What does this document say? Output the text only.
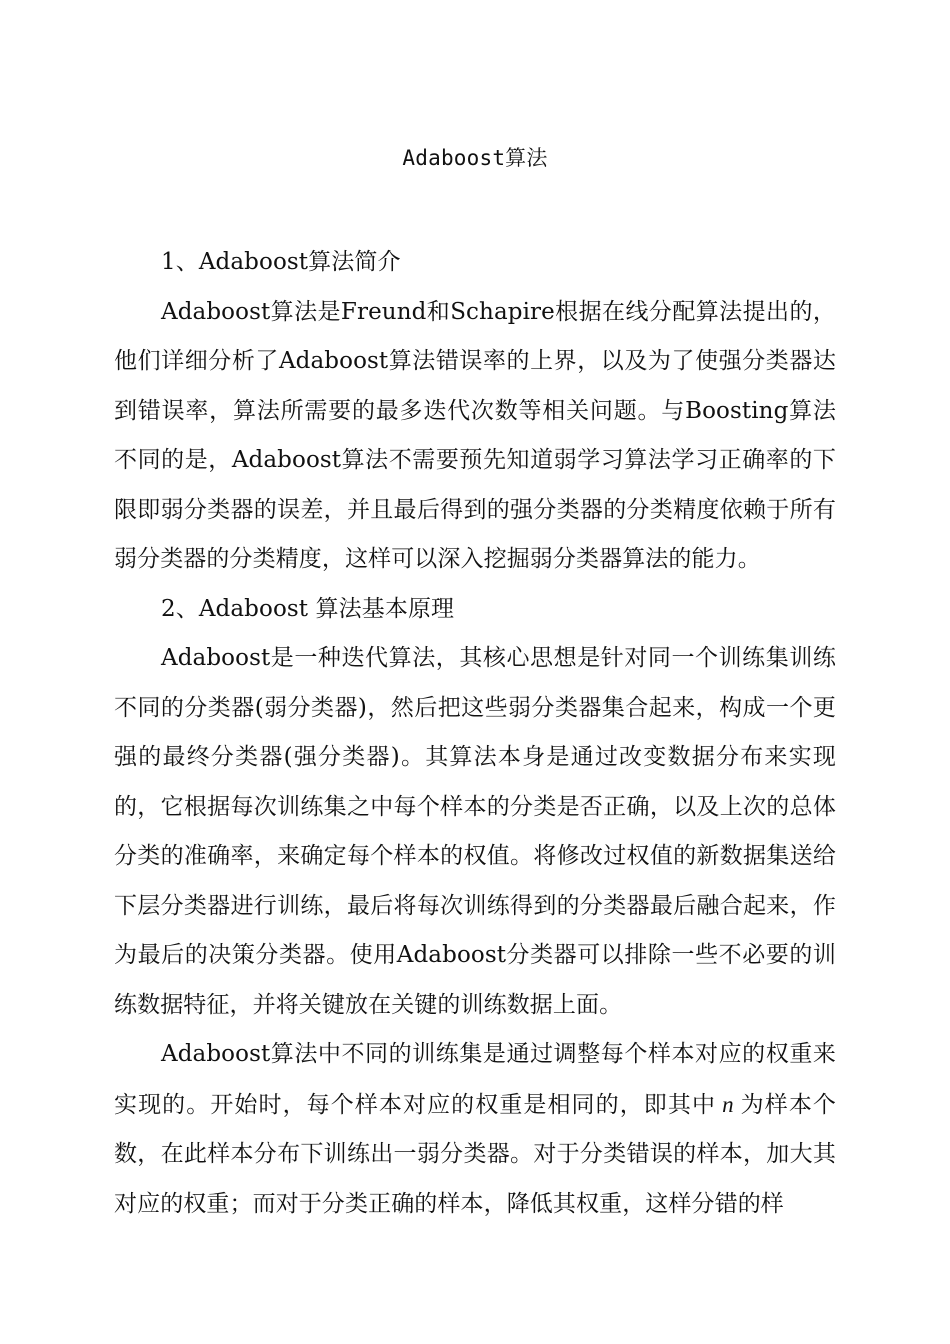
Adaboost算法

1、Adaboost算法简介

Adaboost算法是Freund和Schapire根据在线分配算法提出的，他们详细分析了Adaboost算法错误率的上界，以及为了使强分类器达到错误率，算法所需要的最多迭代次数等相关问题。与Boosting算法不同的是，Adaboost算法不需要预先知道弱学习算法学习正确率的下限即弱分类器的误差，并且最后得到的强分类器的分类精度依赖于所有弱分类器的分类精度，这样可以深入挖掘弱分类器算法的能力。

2、Adaboost 算法基本原理

Adaboost是一种迭代算法，其核心思想是针对同一个训练集训练不同的分类器(弱分类器)，然后把这些弱分类器集合起来，构成一个更强的最终分类器(强分类器)。其算法本身是通过改变数据分布来实现的，它根据每次训练集之中每个样本的分类是否正确，以及上次的总体分类的准确率，来确定每个样本的权值。将修改过权值的新数据集送给下层分类器进行训练，最后将每次训练得到的分类器最后融合起来，作为最后的决策分类器。使用Adaboost分类器可以排除一些不必要的训练数据特征，并将关键放在关键的训练数据上面。

Adaboost算法中不同的训练集是通过调整每个样本对应的权重来实现的。开始时，每个样本对应的权重是相同的，即其中 n 为样本个数，在此样本分布下训练出一弱分类器。对于分类错误的样本，加大其对应的权重；而对于分类正确的样本，降低其权重，这样分错的样
